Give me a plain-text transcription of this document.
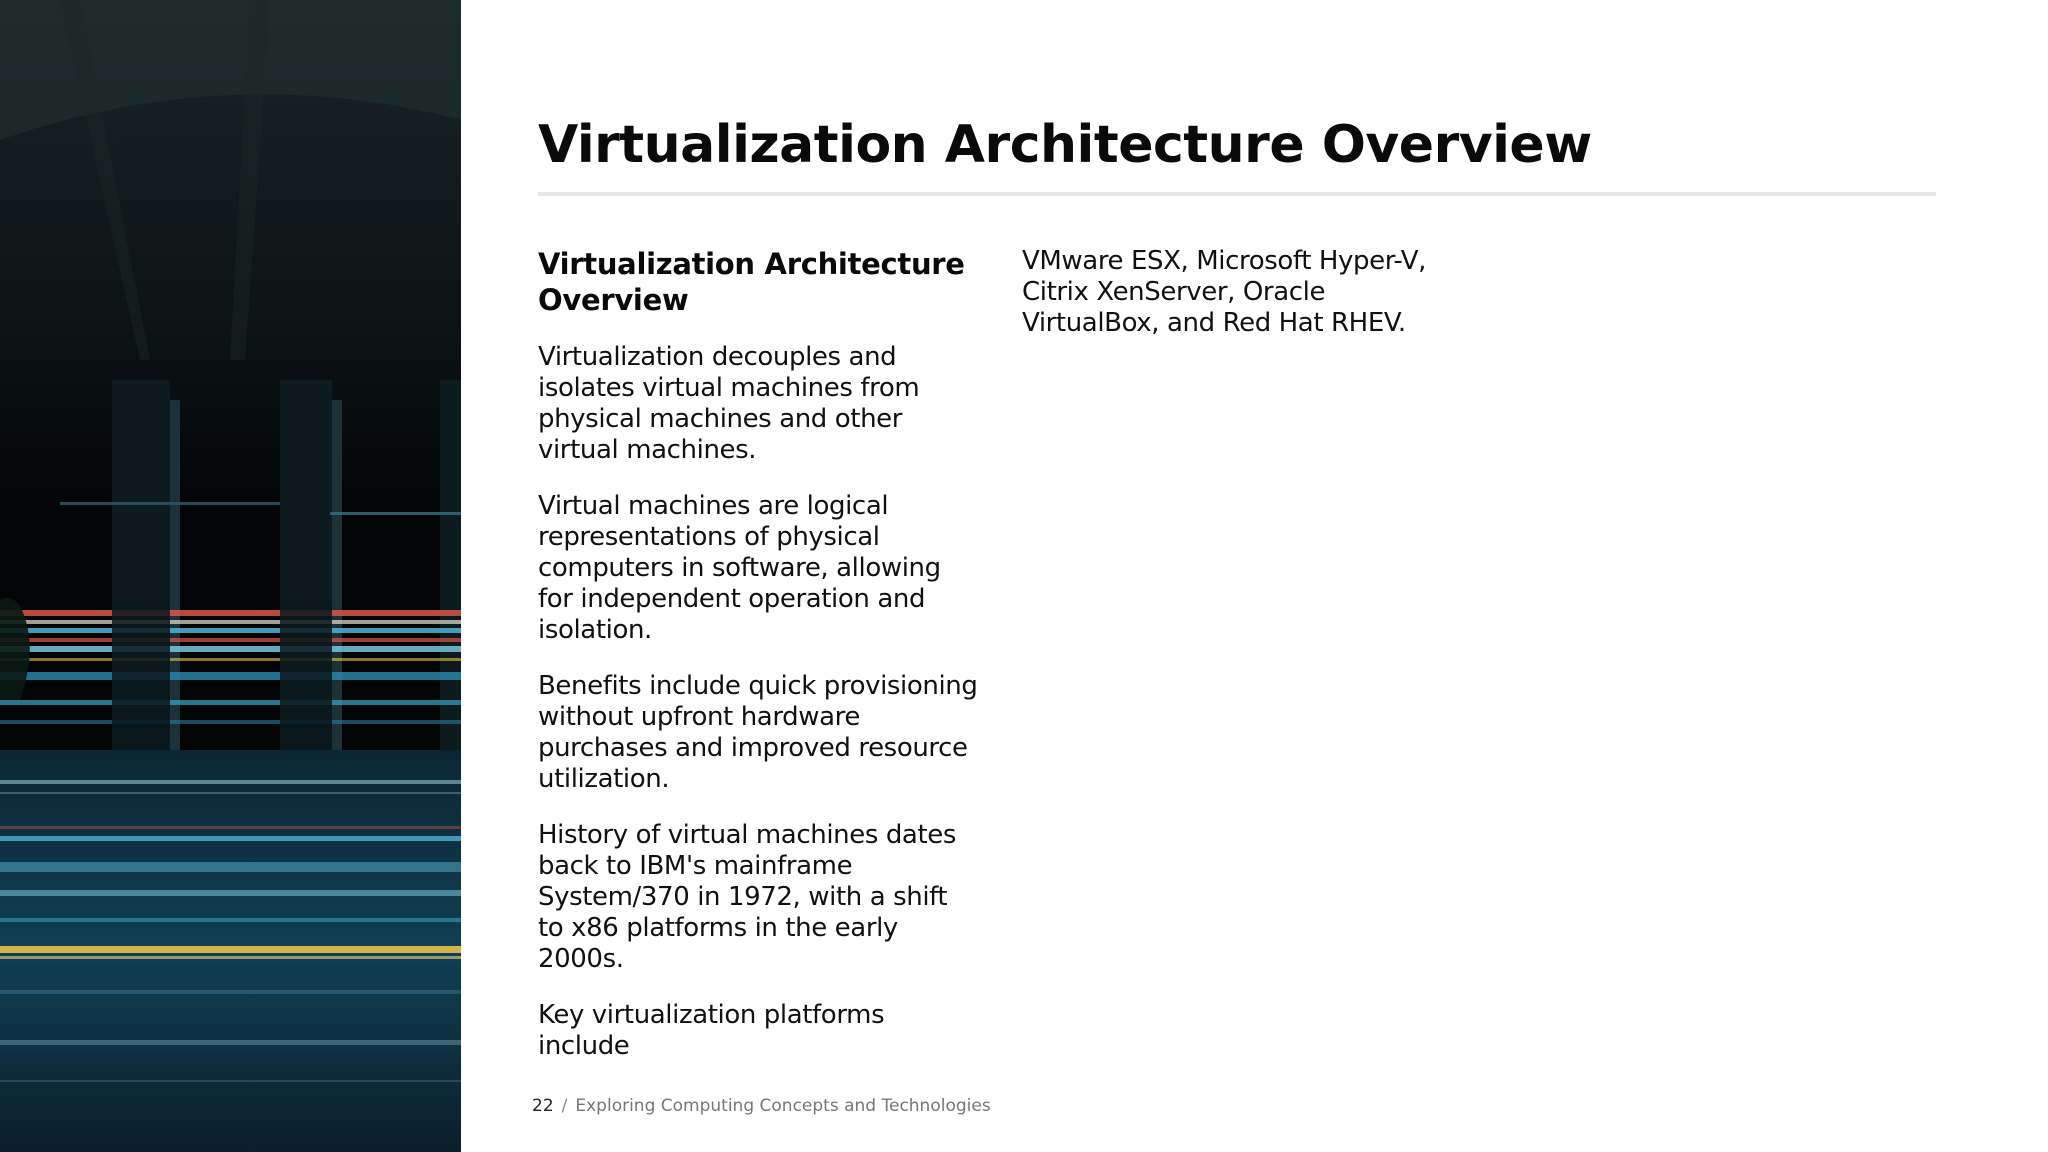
Virtualization Architecture Overview
Virtualization Architecture Overview

Virtualization decouples and isolates virtual machines from physical machines and other virtual machines.

Virtual machines are logical representations of physical computers in software, allowing for independent operation and isolation.

Benefits include quick provisioning without upfront hardware purchases and improved resource utilization.

History of virtual machines dates back to IBM's mainframe System/370 in 1972, with a shift to x86 platforms in the early 2000s.

Key virtualization platforms include

VMware ESX, Microsoft Hyper-V, Citrix XenServer, Oracle VirtualBox, and Red Hat RHEV.

22 / Exploring Computing Concepts and Technologies
